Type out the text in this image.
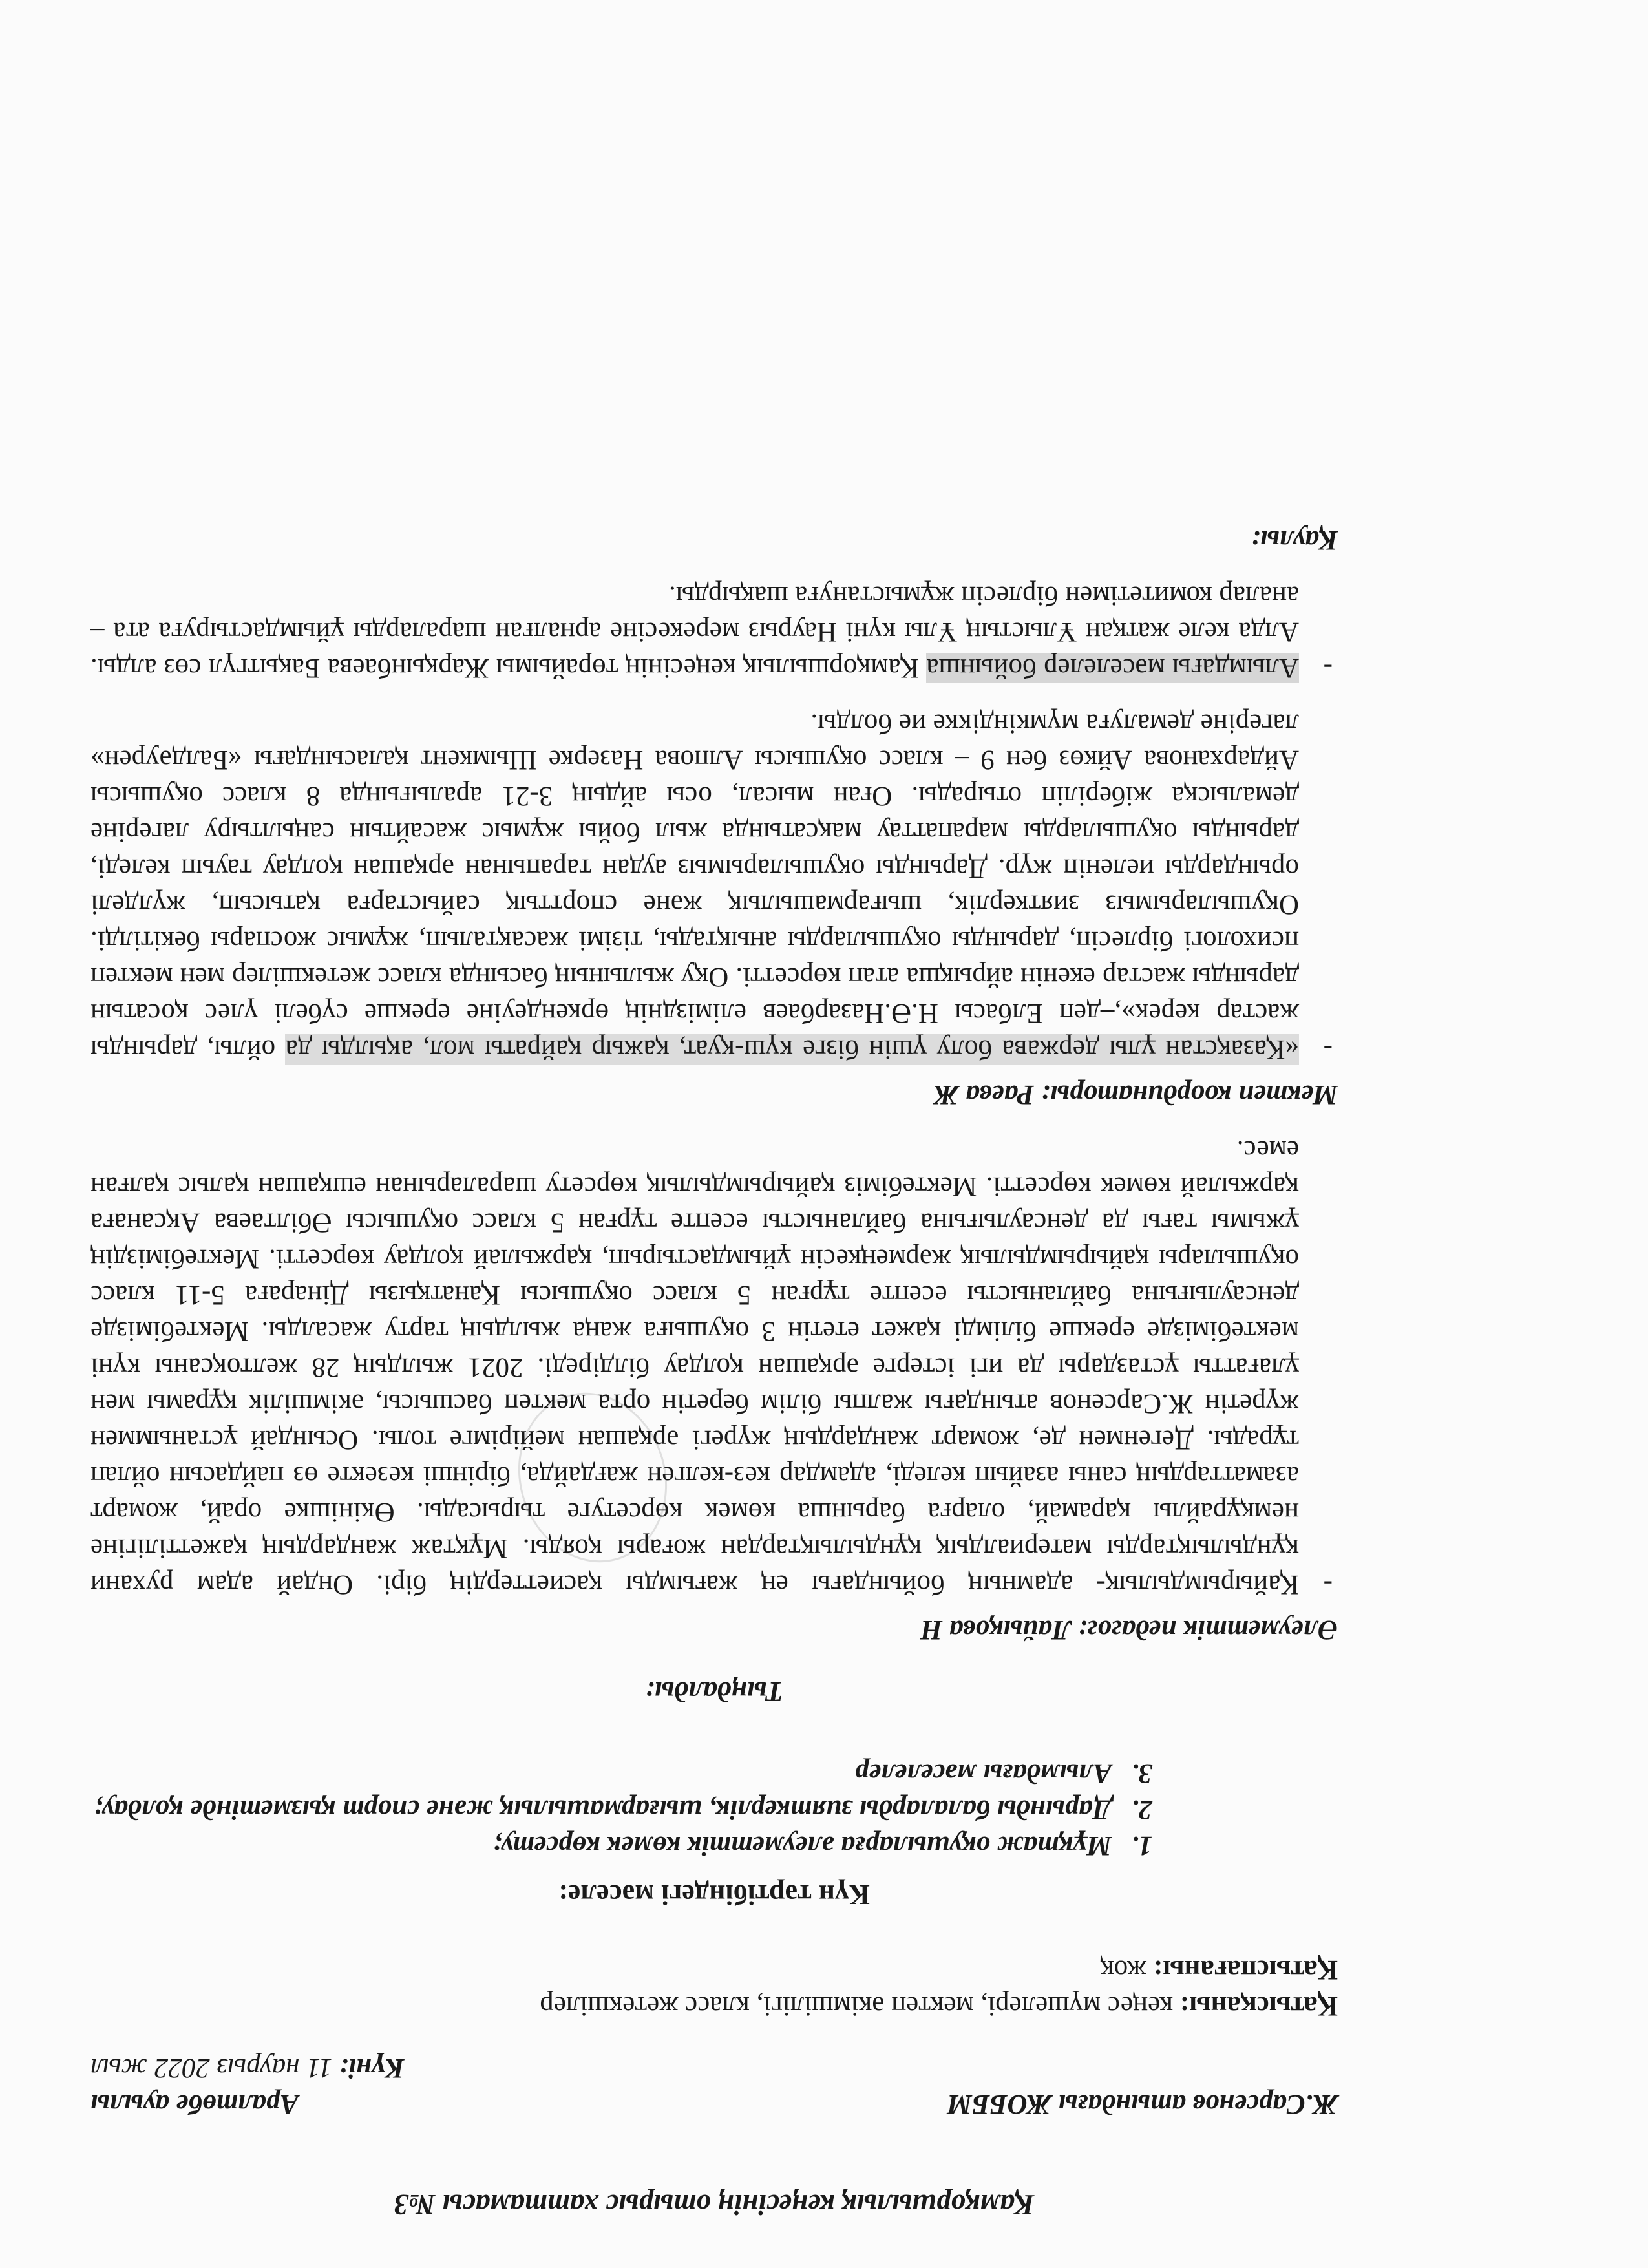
Қамқоршылық кеңесінің отырыс хаттамасы №3
Ж.Сарсенов атындағы ЖОББМ
Аралтөбе ауылы
Күні: 11 наурыз 2022 жыл

Қатысқаны: кеңес мүшелері, мектеп әкімшілігі, класс жетекшілер

Қатыспағаны: жоқ

Күн тәртібіндегі мәселе:
1. Мұқтаж оқушыларға әлеуметтік көмек көрсету;
2. Дарынды балаларды зияткерлік, шығармашылық және спорт қызметінде қолдау;
3. Алымдағы мәселелер
Тыңдалды:

Әлеуметтік педагог: Лайықова Н

-
Қайырымдылық- адамның бойындағы ең жағымды қасиеттердің бірі. Ондай адам рухани құндылықтарды материалдық құндылықтардан жоғары қояды. Мұқтаж жандардың қажеттілігіне немқұрайлы қарамай, оларға барынша көмек көрсетуге тырысады. Өкінішке орай, жомарт азаматтардың саны азайып келеді, адамдар кез-келген жағдайда, бірінші кезекте өз пайдасын ойлап тұрады. Дегенмен де, жомарт жандардың жүрегі әрқашан мейірімге толы. Осындай ұстаныммен жүретін Ж.Сарсенов атындағы жалпы білім беретін орта мектеп басшысы, әкімшілік құрамы мен ұлағатты ұстаздары да игі істерге әрқашан қолдау білдіреді. 2021 жылдың 28 желтоқсаны күні мектебімізде ерекше білімді қажет ететін 3 оқушыға жаңа жылдың тарту жасалды. Мектебімізде денсаулығына байланысты есепте тұрған 5 класс оқушысы Қанатқызы Дінараға 5-11 класс оқушылары қайырымдылық жәрмеңкесін ұйымдастырып, қаржылай қолдау көрсетті. Мектебіміздің ұжымы тағы да денсаулығына байланысты есепте тұрған 5 класс оқушысы Әбілтаева Ақсанаға қаржылай көмек көрсетті. Мектебіміз қайырымдылық көрсету шараларынан ешқашан қалыс қалған емес.

Мектеп координаторы: Раева Ж

-
«Қазақстан ұлы держава болу үшін бізге күш-қуат, қажыр қайраты мол, ақылды да ойлы, дарынды жастар керек»,–деп Елбасы Н.Ә.Назарбаев елімізднің өркендеуіне ерекше сүбелі үлес қосатын дарынды жастар екенін айрықша атап көрсетті. Оқу жылының басында класс жетекшілер мен мектеп психологі бірлесіп, дарынды оқушыларды анықтады, тізімі жасақталып, жұмыс жоспары бекітілді. Оқушыларымыз зияткерлік, шығармашылық және спорттық сайыстарға қатысып, жүлделі орындарды иеленіп жүр. Дарынды оқушыларымыз аудан тарапынан әрқашан қолдау тауып келеді, дарынды оқушыларды марапаттау мақсатында жыл бойы жұмыс жасайтын саңылтыру лагеріне демалысқа жіберіліп отырады. Оған мысал, осы айдың 3-21 аралығында 8 класс оқушысы Айдарханова Айкөз бен 9 – класс оқушысы Алпова Назерке Шымкент қаласындағы «Балдәурен» лагеріне демалуға мүмкіндікке ие болды.

-
Алымдағы мәселелер бойынша Қамқоршылық кеңесінің төрайымы Жарқынбаева Бақытгүл сөз алды. Алда келе жатқан Ұлыстың Ұлы күні Наурыз мерекесіне арналған шараларды ұйымдастыруға ата – аналар комитетімен бірлесіп жұмыстануға шақырды.

Қаулы:
